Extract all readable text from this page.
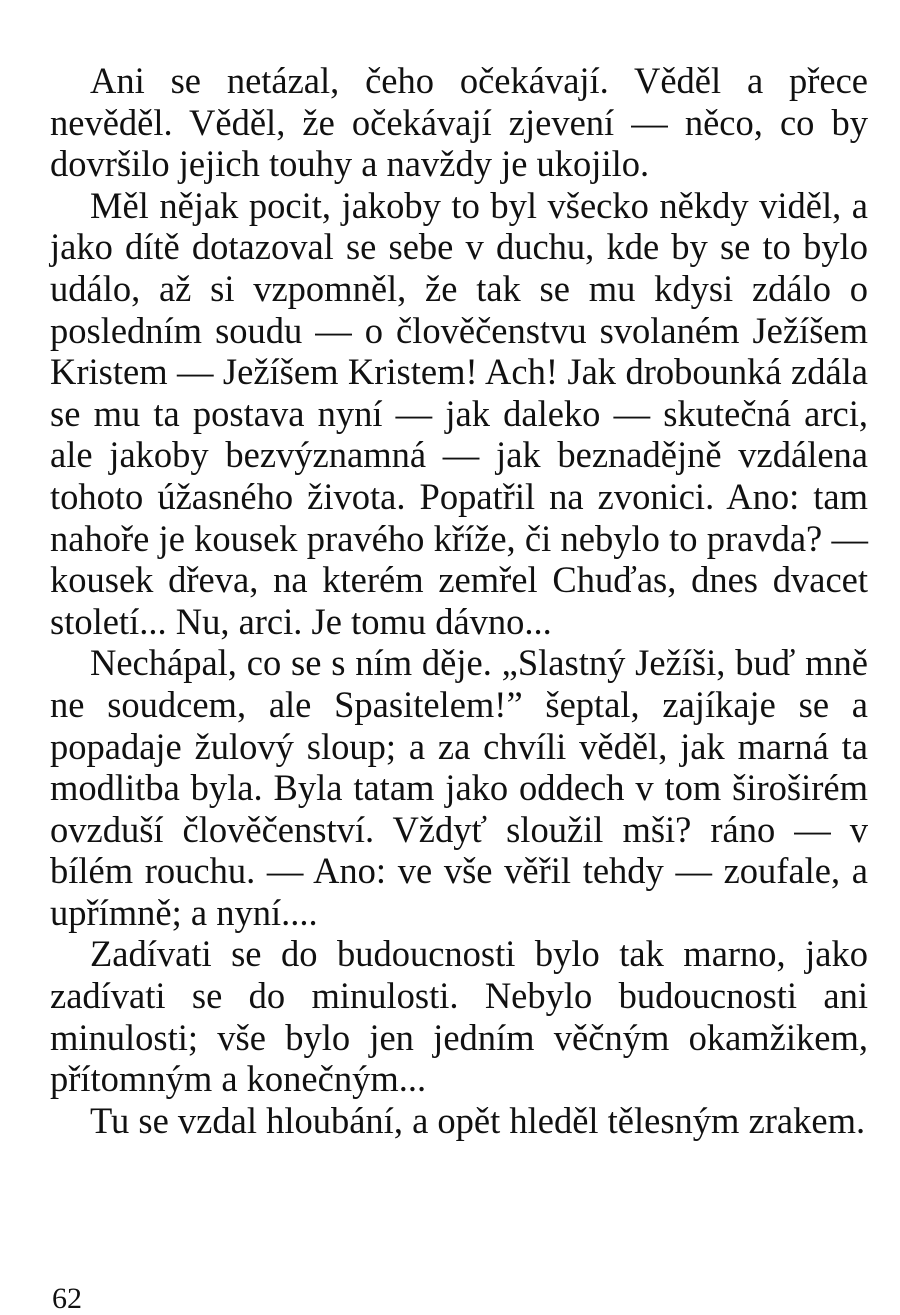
Ani se netázal, čeho očekávají. Věděl a přece nevěděl. Věděl, že očekávají zjevení — něco, co by dovršilo jejich touhy a navždy je ukojilo.

Měl nějak pocit, jakoby to byl všecko někdy viděl, a jako dítě dotazoval se sebe v duchu, kde by se to bylo událo, až si vzpomněl, že tak se mu kdysi zdálo o posledním soudu — o člověčenstvu svolaném Ježíšem Kristem — Ježíšem Kristem! Ach! Jak drobounká zdála se mu ta postava nyní — jak daleko — skutečná arci, ale jakoby bezvýznamná — jak beznadějně vzdálena tohoto úžasného života. Popatřil na zvonici. Ano: tam nahoře je kousek pravého kříže, či nebylo to pravda? — kousek dřeva, na kterém zemřel Chuďas, dnes dvacet století... Nu, arci. Je tomu dávno...

Nechápal, co se s ním děje. „Slastný Ježíši, buď mně ne soudcem, ale Spasitelem!” šeptal, zajíkaje se a popadaje žulový sloup; a za chvíli věděl, jak marná ta modlitba byla. Byla tatam jako oddech v tom široširém ovzduší člověčenství. Vždyť sloužil mši? ráno — v bílém rouchu. — Ano: ve vše věřil tehdy — zoufale, a upřímně; a nyní....

Zadívati se do budoucnosti bylo tak marno, jako zadívati se do minulosti. Nebylo budoucnosti ani minulosti; vše bylo jen jedním věčným okamžikem, přítomným a konečným...

Tu se vzdal hloubání, a opět hleděl tělesným zrakem.

62
